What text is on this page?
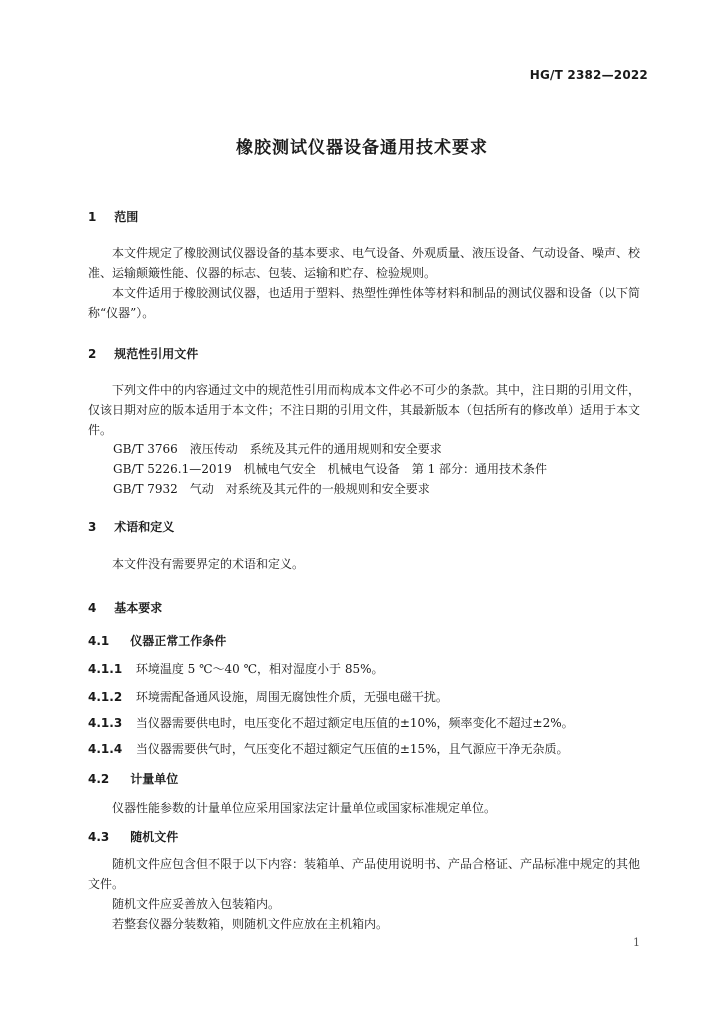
HG/T 2382—2022
橡胶测试仪器设备通用技术要求
1 范围

本文件规定了橡胶测试仪器设备的基本要求、电气设备、外观质量、液压设备、气动设备、噪声、校准、运输颠簸性能、仪器的标志、包装、运输和贮存、检验规则。

本文件适用于橡胶测试仪器，也适用于塑料、热塑性弹性体等材料和制品的测试仪器和设备（以下简称“仪器”）。

2 规范性引用文件

下列文件中的内容通过文中的规范性引用而构成本文件必不可少的条款。其中，注日期的引用文件，仅该日期对应的版本适用于本文件；不注日期的引用文件，其最新版本（包括所有的修改单）适用于本文件。

GB/T 3766　液压传动　系统及其元件的通用规则和安全要求
GB/T 5226.1—2019　机械电气安全　机械电气设备　第 1 部分：通用技术条件
GB/T 7932　气动　对系统及其元件的一般规则和安全要求
3 术语和定义

本文件没有需要界定的术语和定义。

4 基本要求
4.1 仪器正常工作条件
4.1.1 环境温度 5 ℃～40 ℃，相对湿度小于 85%。
4.1.2 环境需配备通风设施，周围无腐蚀性介质，无强电磁干扰。
4.1.3 当仪器需要供电时，电压变化不超过额定电压值的±10%，频率变化不超过±2%。
4.1.4 当仪器需要供气时，气压变化不超过额定气压值的±15%，且气源应干净无杂质。
4.2 计量单位

仪器性能参数的计量单位应采用国家法定计量单位或国家标准规定单位。

4.3 随机文件

随机文件应包含但不限于以下内容：装箱单、产品使用说明书、产品合格证、产品标准中规定的其他文件。

随机文件应妥善放入包装箱内。

若整套仪器分装数箱，则随机文件应放在主机箱内。

1
